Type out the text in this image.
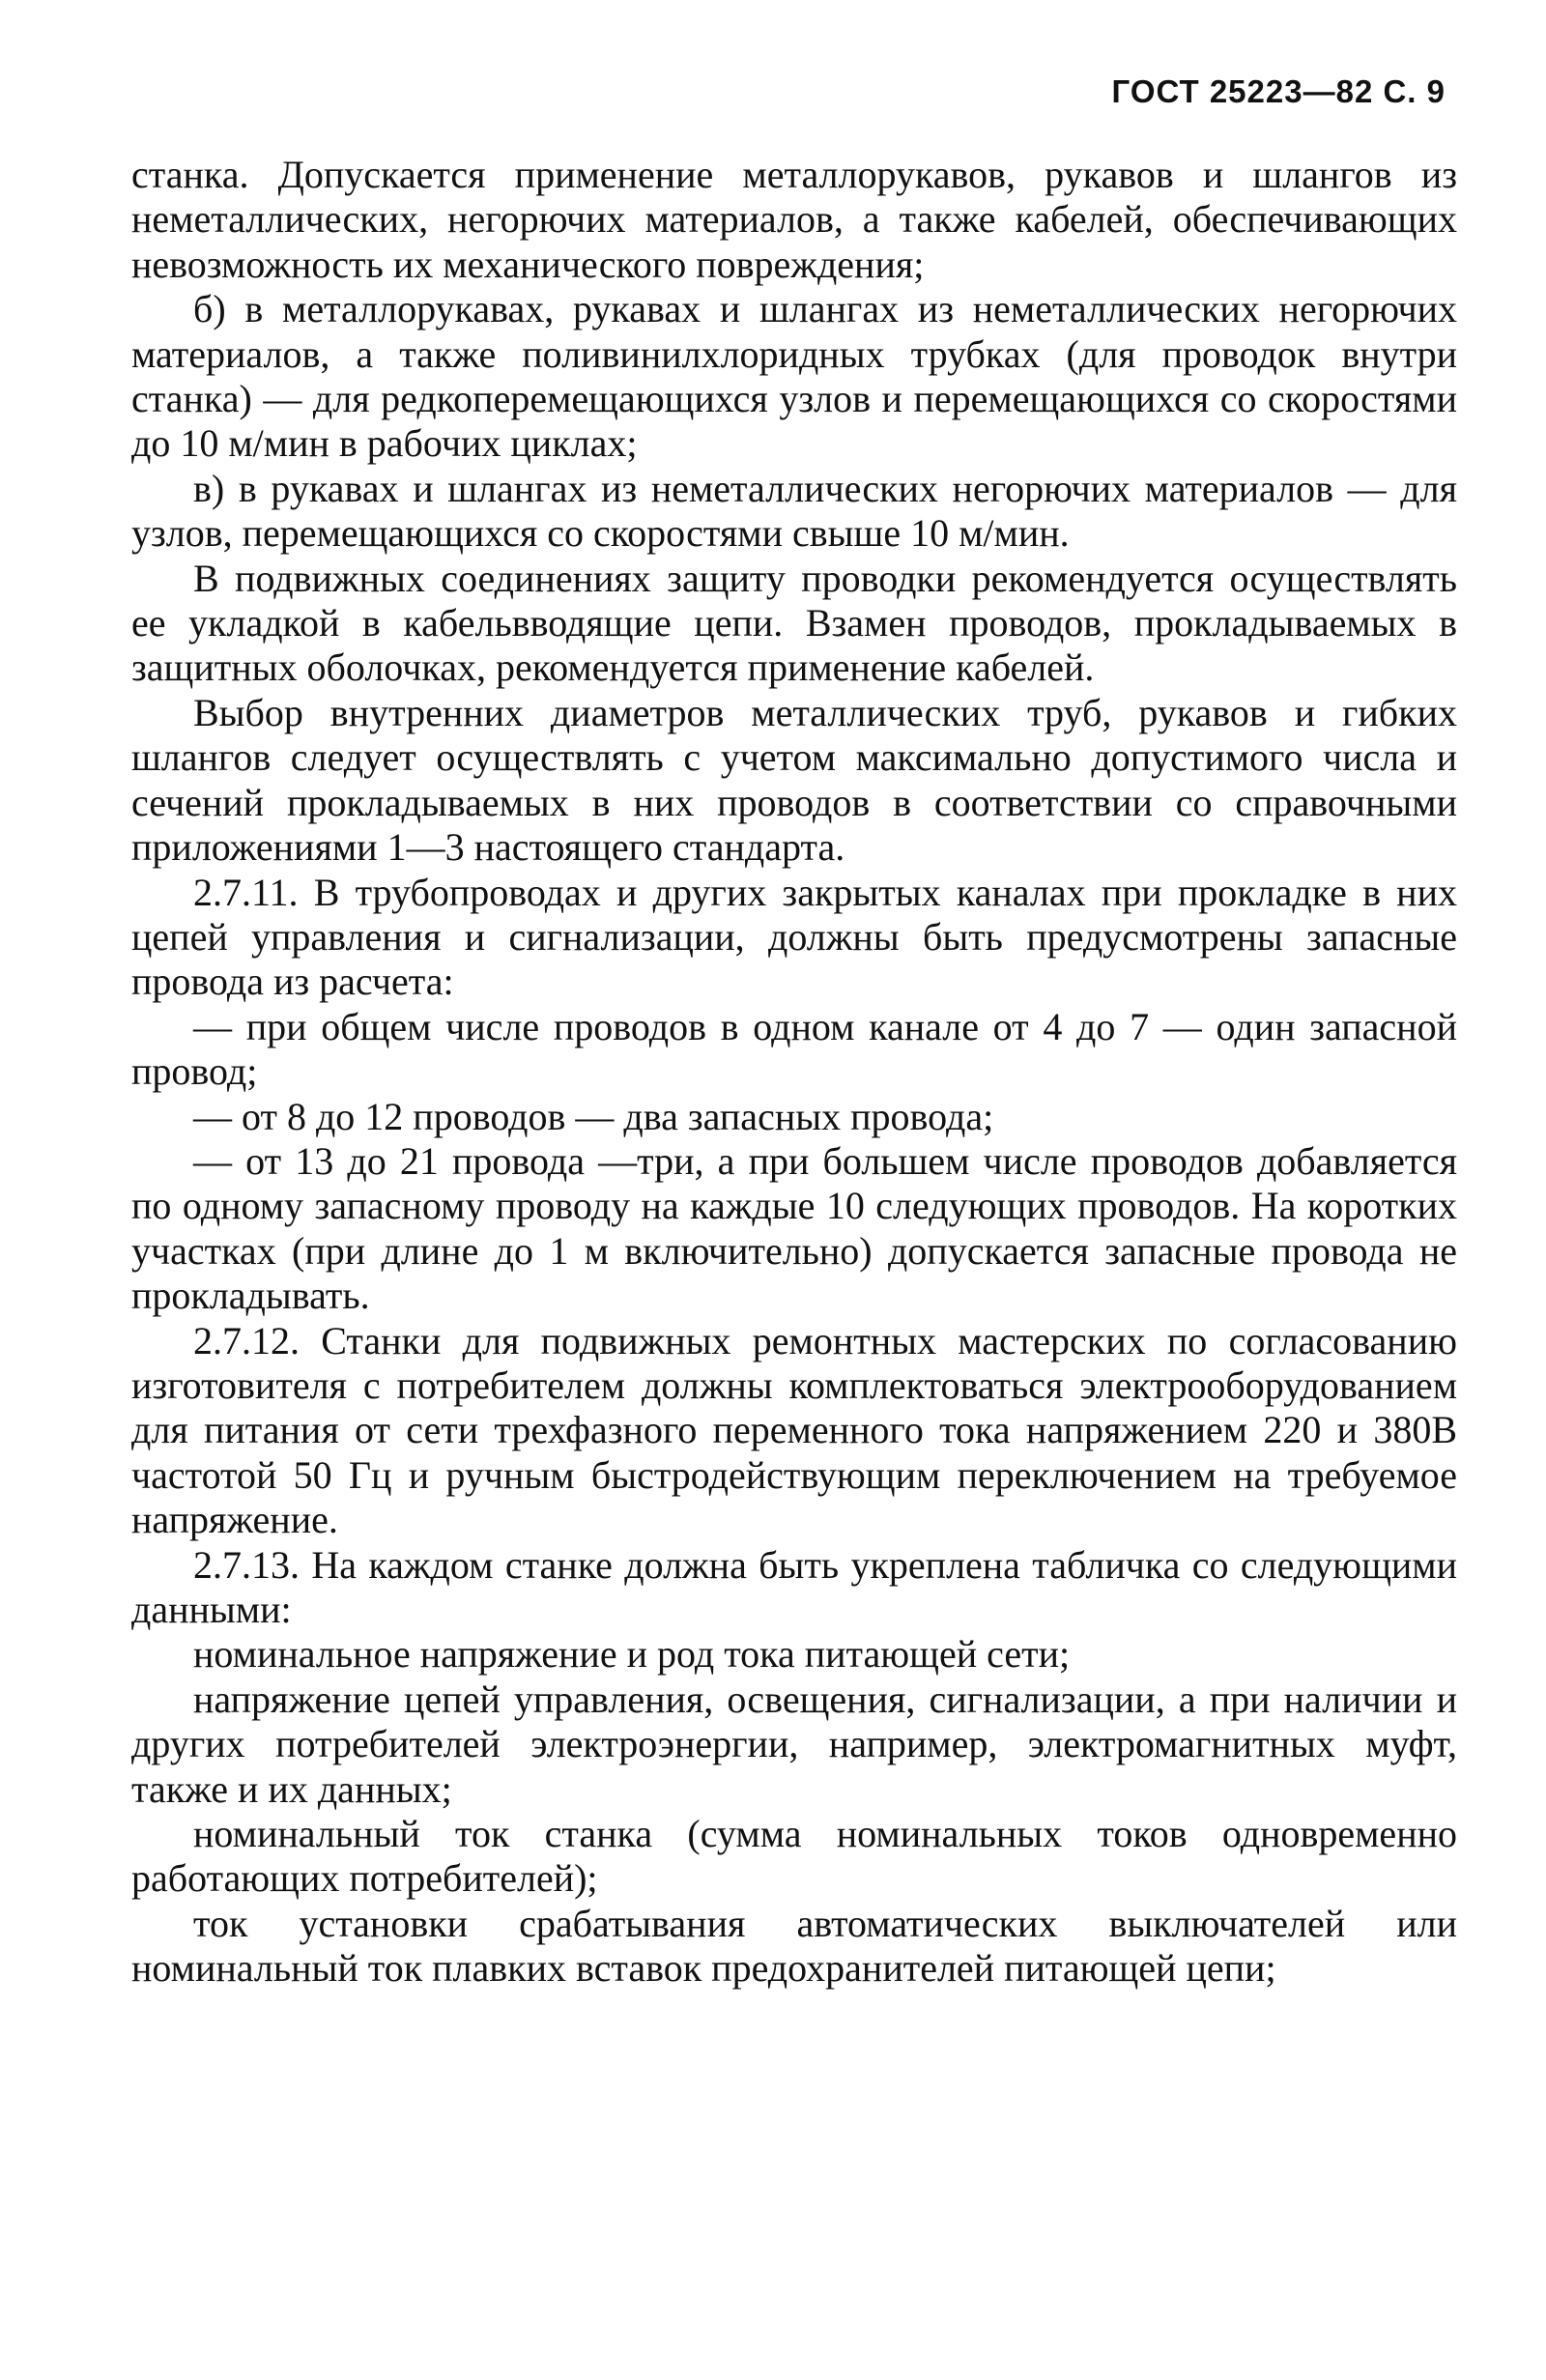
ГОСТ 25223—82 С. 9

станка. Допускается применение металлорукавов, рукавов и шлангов из неметаллических, негорючих материалов, а также кабелей, обеспечивающих невозможность их механического повреждения;

б) в металлорукавах, рукавах и шлангах из неметаллических негорючих материалов, а также поливинилхлоридных трубках (для проводок внутри станка) — для редкоперемещающихся узлов и перемещающихся со скоростями до 10 м/мин в рабочих циклах;

в) в рукавах и шлангах из неметаллических негорючих материалов — для узлов, перемещающихся со скоростями свыше 10 м/мин.

В подвижных соединениях защиту проводки рекомендуется осуществлять ее укладкой в кабельвводящие цепи. Взамен проводов, прокладываемых в защитных оболочках, рекомендуется применение кабелей.

Выбор внутренних диаметров металлических труб, рукавов и гибких шлангов следует осуществлять с учетом максимально допустимого числа и сечений прокладываемых в них проводов в соответствии со справочными приложениями 1—3 настоящего стандарта.

2.7.11. В трубопроводах и других закрытых каналах при прокладке в них цепей управления и сигнализации, должны быть предусмотрены запасные провода из расчета:

— при общем числе проводов в одном канале от 4 до 7 — один запасной провод;

— от 8 до 12 проводов — два запасных провода;

— от 13 до 21 провода —три, а при большем числе проводов добавляется по одному запасному проводу на каждые 10 следующих проводов. На коротких участках (при длине до 1 м включительно) допускается запасные провода не прокладывать.

2.7.12. Станки для подвижных ремонтных мастерских по согласованию изготовителя с потребителем должны комплектоваться электрооборудованием для питания от сети трехфазного переменного тока напряжением 220 и 380В частотой 50 Гц и ручным быстродействующим переключением на требуемое напряжение.

2.7.13. На каждом станке должна быть укреплена табличка со следующими данными:

номинальное напряжение и род тока питающей сети;

напряжение цепей управления, освещения, сигнализации, а при наличии и других потребителей электроэнергии, например, электромагнитных муфт, также и их данных;

номинальный ток станка (сумма номинальных токов одновременно работающих потребителей);

ток установки срабатывания автоматических выключателей или номинальный ток плавких вставок предохранителей питающей цепи;
